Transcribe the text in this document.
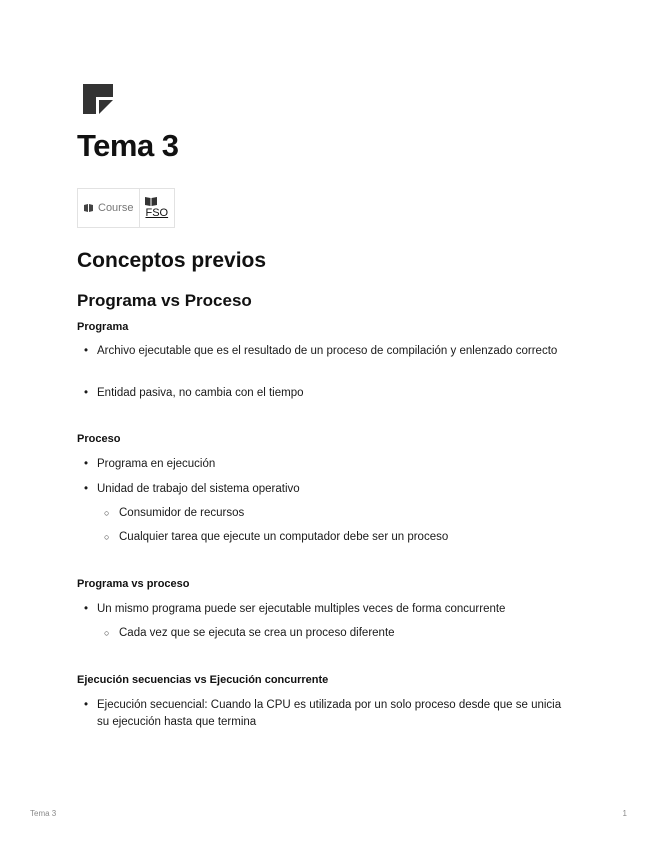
Tema 3
Course FSO
Conceptos previos
Programa vs Proceso
Programa
• Archivo ejecutable que es el resultado de un proceso de compilación y enlenzado correcto
• Entidad pasiva, no cambia con el tiempo
Proceso
• Programa en ejecución
• Unidad de trabajo del sistema operativo
○ Consumidor de recursos
○ Cualquier tarea que ejecute un computador debe ser un proceso
Programa vs proceso
• Un mismo programa puede ser ejecutable multiples veces de forma concurrente
○ Cada vez que se ejecuta se crea un proceso diferente
Ejecución secuencias vs Ejecución concurrente
• Ejecución secuencial: Cuando la CPU es utilizada por un solo proceso desde que se unicia su ejecución hasta que termina
Tema 3	1
